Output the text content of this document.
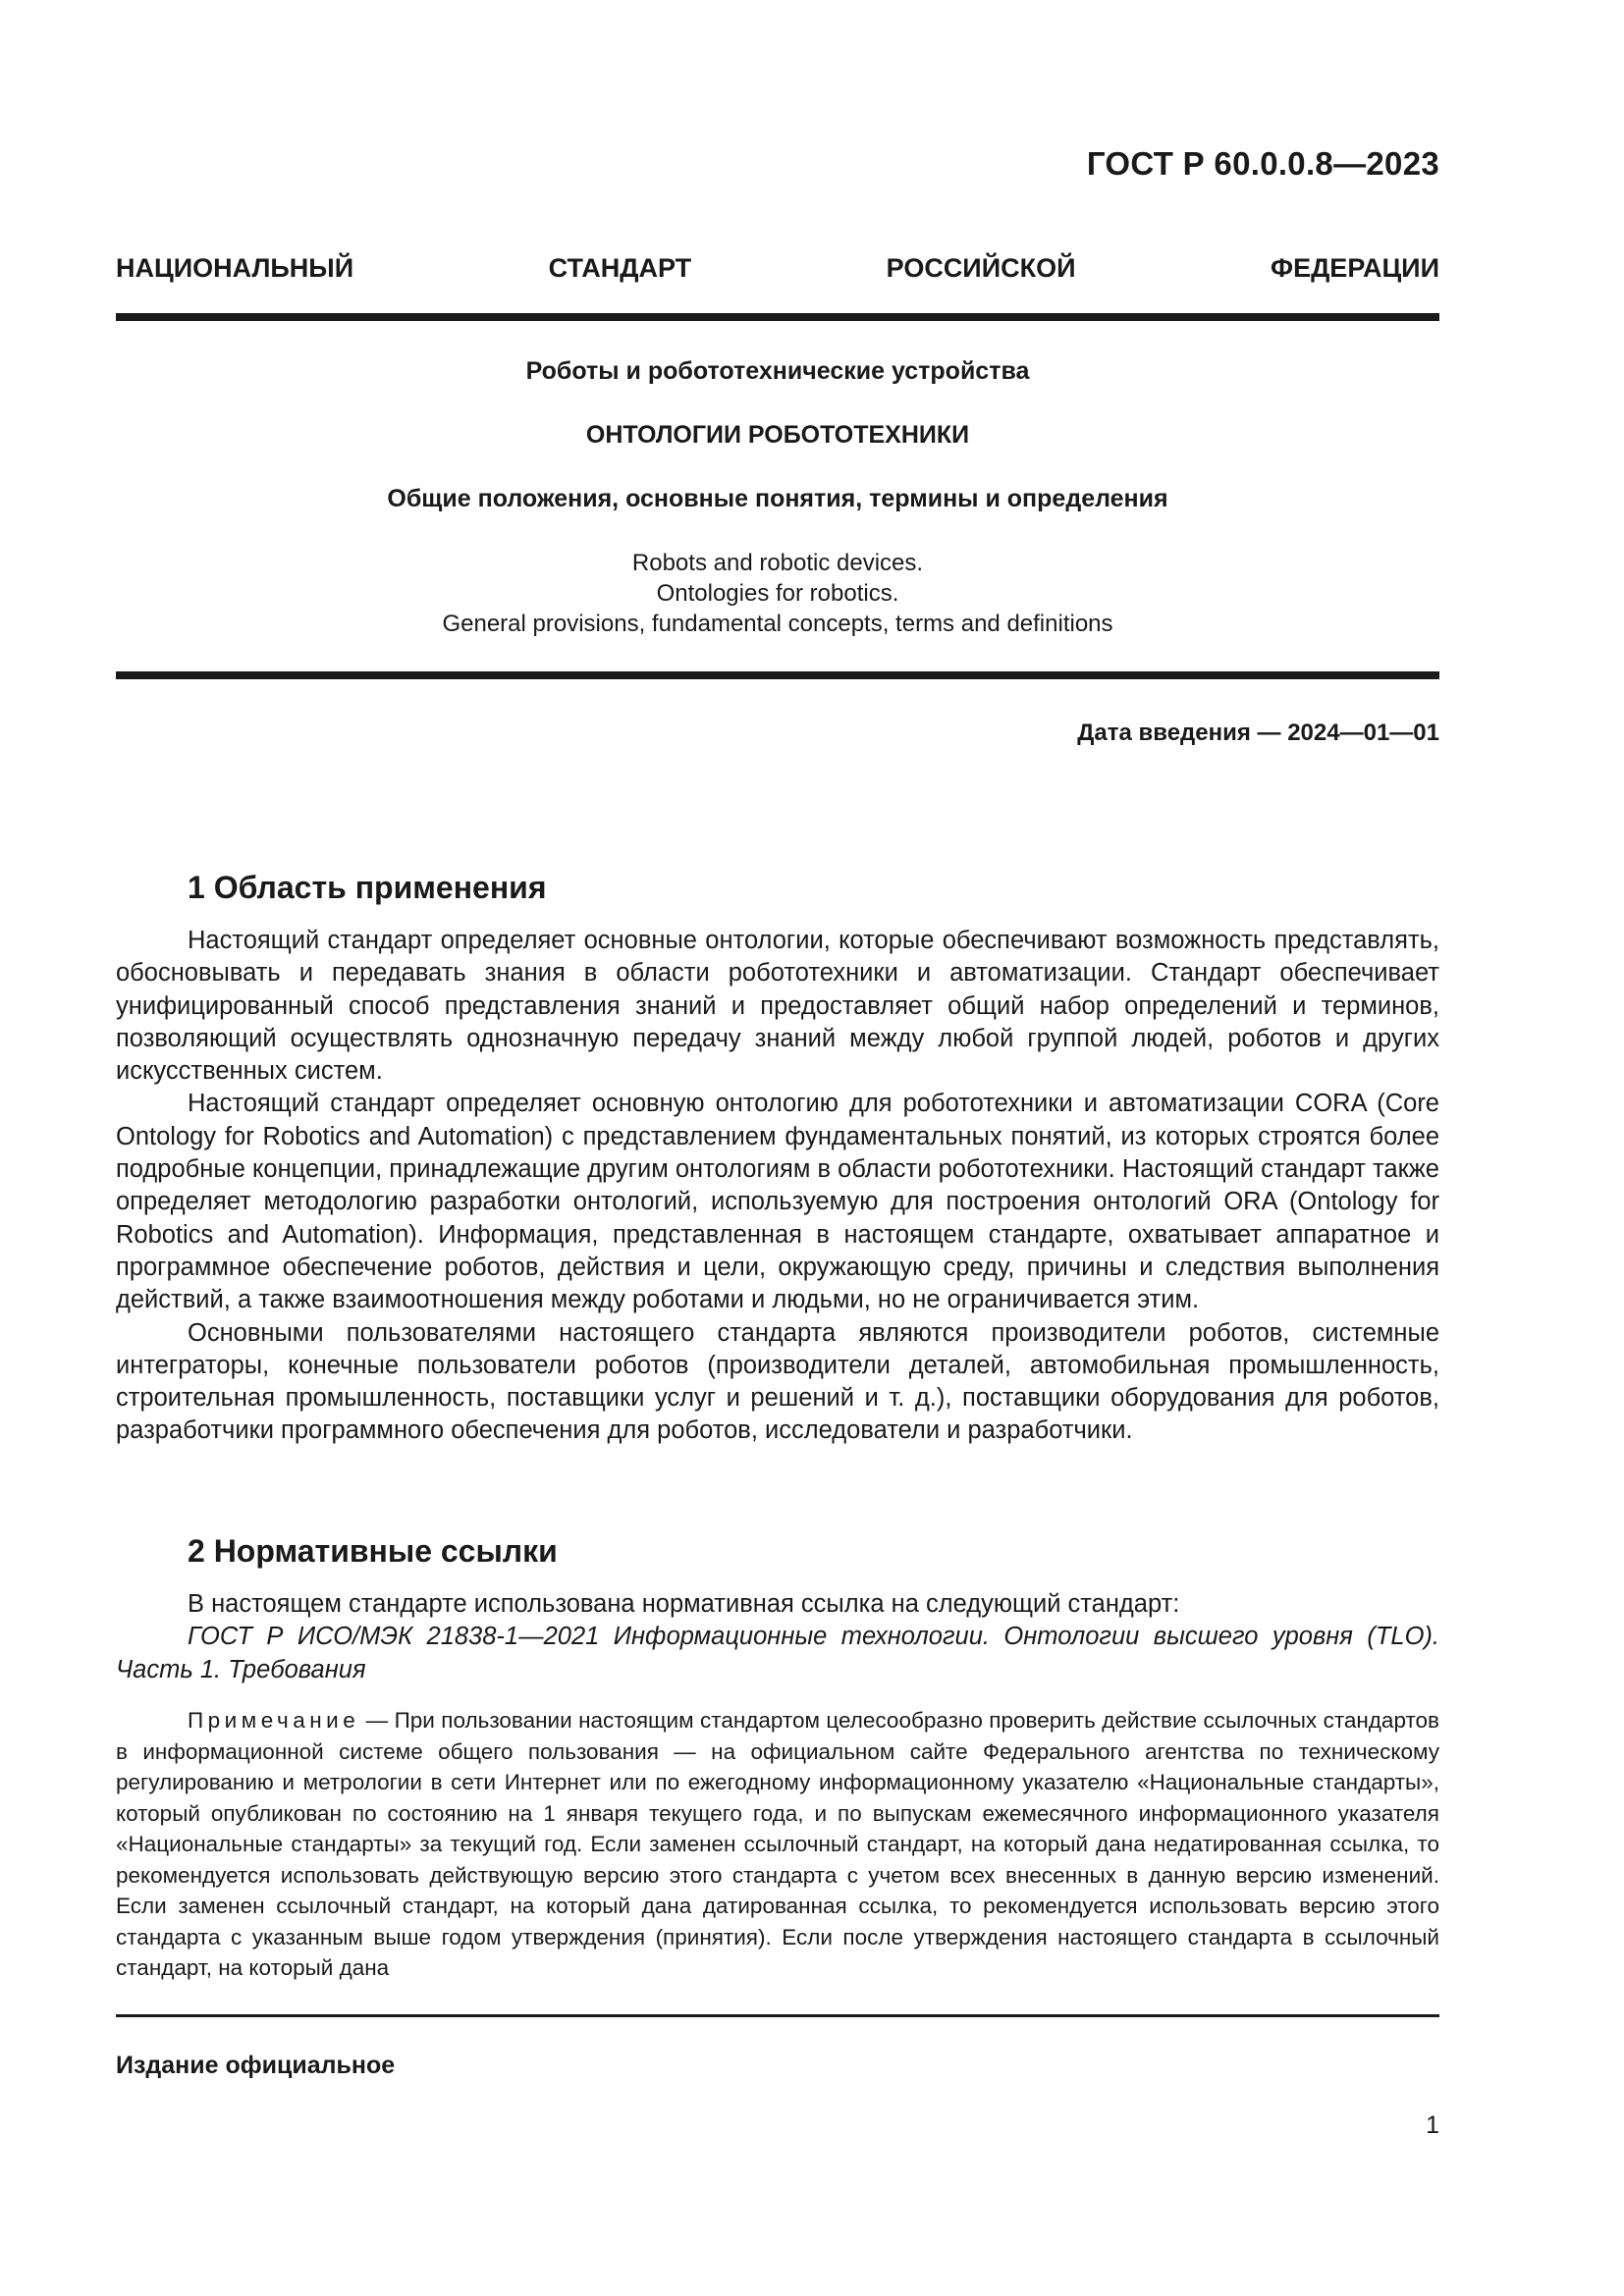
ГОСТ Р 60.0.0.8—2023
НАЦИОНАЛЬНЫЙ СТАНДАРТ РОССИЙСКОЙ ФЕДЕРАЦИИ
Роботы и робототехнические устройства
ОНТОЛОГИИ РОБОТОТЕХНИКИ
Общие положения, основные понятия, термины и определения
Robots and robotic devices.
Ontologies for robotics.
General provisions, fundamental concepts, terms and definitions
Дата введения — 2024—01—01
1 Область применения

Настоящий стандарт определяет основные онтологии, которые обеспечивают возможность представлять, обосновывать и передавать знания в области робототехники и автоматизации. Стандарт обеспечивает унифицированный способ представления знаний и предоставляет общий набор определений и терминов, позволяющий осуществлять однозначную передачу знаний между любой группой людей, роботов и других искусственных систем.

Настоящий стандарт определяет основную онтологию для робототехники и автоматизации CORA (Core Ontology for Robotics and Automation) с представлением фундаментальных понятий, из которых строятся более подробные концепции, принадлежащие другим онтологиям в области робототехники. Настоящий стандарт также определяет методологию разработки онтологий, используемую для построения онтологий ORA (Ontology for Robotics and Automation). Информация, представленная в настоящем стандарте, охватывает аппаратное и программное обеспечение роботов, действия и цели, окружающую среду, причины и следствия выполнения действий, а также взаимоотношения между роботами и людьми, но не ограничивается этим.

Основными пользователями настоящего стандарта являются производители роботов, системные интеграторы, конечные пользователи роботов (производители деталей, автомобильная промышленность, строительная промышленность, поставщики услуг и решений и т. д.), поставщики оборудования для роботов, разработчики программного обеспечения для роботов, исследователи и разработчики.

2 Нормативные ссылки

В настоящем стандарте использована нормативная ссылка на следующий стандарт:

ГОСТ Р ИСО/МЭК 21838-1—2021 Информационные технологии. Онтологии высшего уровня (TLO). Часть 1. Требования

Примечание — При пользовании настоящим стандартом целесообразно проверить действие ссылочных стандартов в информационной системе общего пользования — на официальном сайте Федерального агентства по техническому регулированию и метрологии в сети Интернет или по ежегодному информационному указателю «Национальные стандарты», который опубликован по состоянию на 1 января текущего года, и по выпускам ежемесячного информационного указателя «Национальные стандарты» за текущий год. Если заменен ссылочный стандарт, на который дана недатированная ссылка, то рекомендуется использовать действующую версию этого стандарта с учетом всех внесенных в данную версию изменений. Если заменен ссылочный стандарт, на который дана датированная ссылка, то рекомендуется использовать версию этого стандарта с указанным выше годом утверждения (принятия). Если после утверждения настоящего стандарта в ссылочный стандарт, на который дана

Издание официальное
1
